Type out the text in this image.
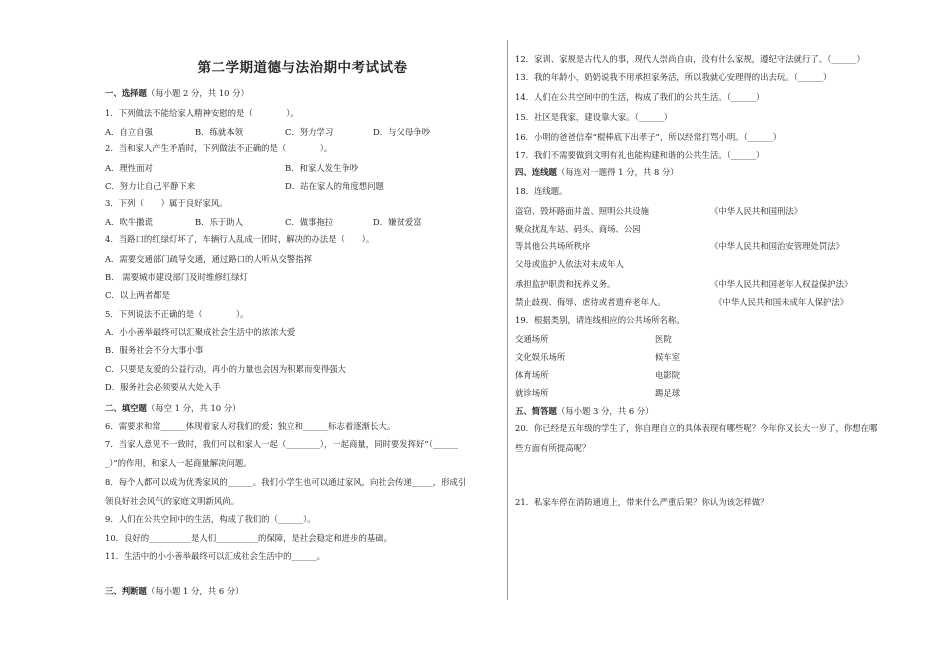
第二学期道德与法治期中考试试卷
一、选择题（每小题 2 分，共 10 分）
1．下列做法不能给家人精神安慰的是（　　　　）。
A．自立自强	B．练就本领	C．努力学习	D．与父母争吵
2．当和家人产生矛盾时，下列做法不正确的是（　　　　）。
A．理性面对	B．和家人发生争吵
C．努力让自己平静下来	D．站在家人的角度想问题
3．下列（　　）属于良好家风。
A．吹牛撒谎	B．乐于助人	C．做事拖拉	D．嫌贫爱富
4．当路口的红绿灯坏了，车辆行人乱成一团时，解决的办法是（　　）。
A．需要交通部门疏导交通，通过路口的人听从交警指挥
B． 需要城市建设部门及时维修红绿灯
C．以上两者都是
5．下列说法不正确的是（　　　　）。
A．小小善举最终可以汇聚成社会生活中的浓浓大爱
B．服务社会不分大事小事
C．只要是友爱的公益行动，再小的力量也会因为积累而变得强大
D．服务社会必须要从大处入手
二、填空题（每空 1 分，共 10 分）
6．需要求和常______体现着家人对我们的爱；独立和______标志着逐渐长大。
7．当家人意见不一致时，我们可以和家人一起（________），一起商量，同时要发挥好“（______
_）”的作用，和家人一起商量解决问题。
8．每个人都可以成为优秀家风的______。我们小学生也可以通过家风，向社会传递_____，形成引
领良好社会风气的家庭文明新风尚。
9．人们在公共空间中的生活，构成了我们的（______）。
10．良好的__________是人们__________的保障，是社会稳定和进步的基础。
11．生活中的小小善举最终可以汇成社会生活中的______。
三、判断题（每小题 1 分，共 6 分）
12．家训、家规是古代人的事，现代人崇尚自由，没有什么家规，遵纪守法就行了。（______）
13．我的年龄小，奶奶说我不用承担家务活，所以我就心安理得的出去玩。（______）
14．人们在公共空间中的生活，构成了我们的公共生活。（______）
15．社区是我家，建设靠大家。（______）
16．小明的爸爸信奉“棍棒底下出孝子”，所以经常打骂小明。（______）
17．我们不需要做到文明有礼也能构建和谐的公共生活。（______）
四、连线题（每连对一题得 1 分，共 8 分）
18．连线题。
盗窃、毁坏路面井盖、照明公共设施	《中华人民共和国刑法》
聚众扰乱车站、码头、商场、公园
等其他公共场所秩序	《中华人民共和国治安管理处罚法》
父母或监护人依法对未成年人
承担监护职责和抚养义务。	《中华人民共和国老年人权益保护法》
禁止歧视、侮辱、虐待或者遗弃老年人。	　《中华人民共和国未成年人保护法》
19．根据类别，请连线相应的公共场所名称。
交通场所	医院
文化娱乐场所	候车室
体育场所	电影院
就诊场所	踢足球
五、简答题（每小题 3 分，共 6 分）
20．你已经是五年级的学生了，你自理自立的具体表现有哪些呢？今年你又长大一岁了，你想在哪
些方面有所提高呢？
21．私家车停在消防通道上，带来什么严重后果？你认为该怎样做？
